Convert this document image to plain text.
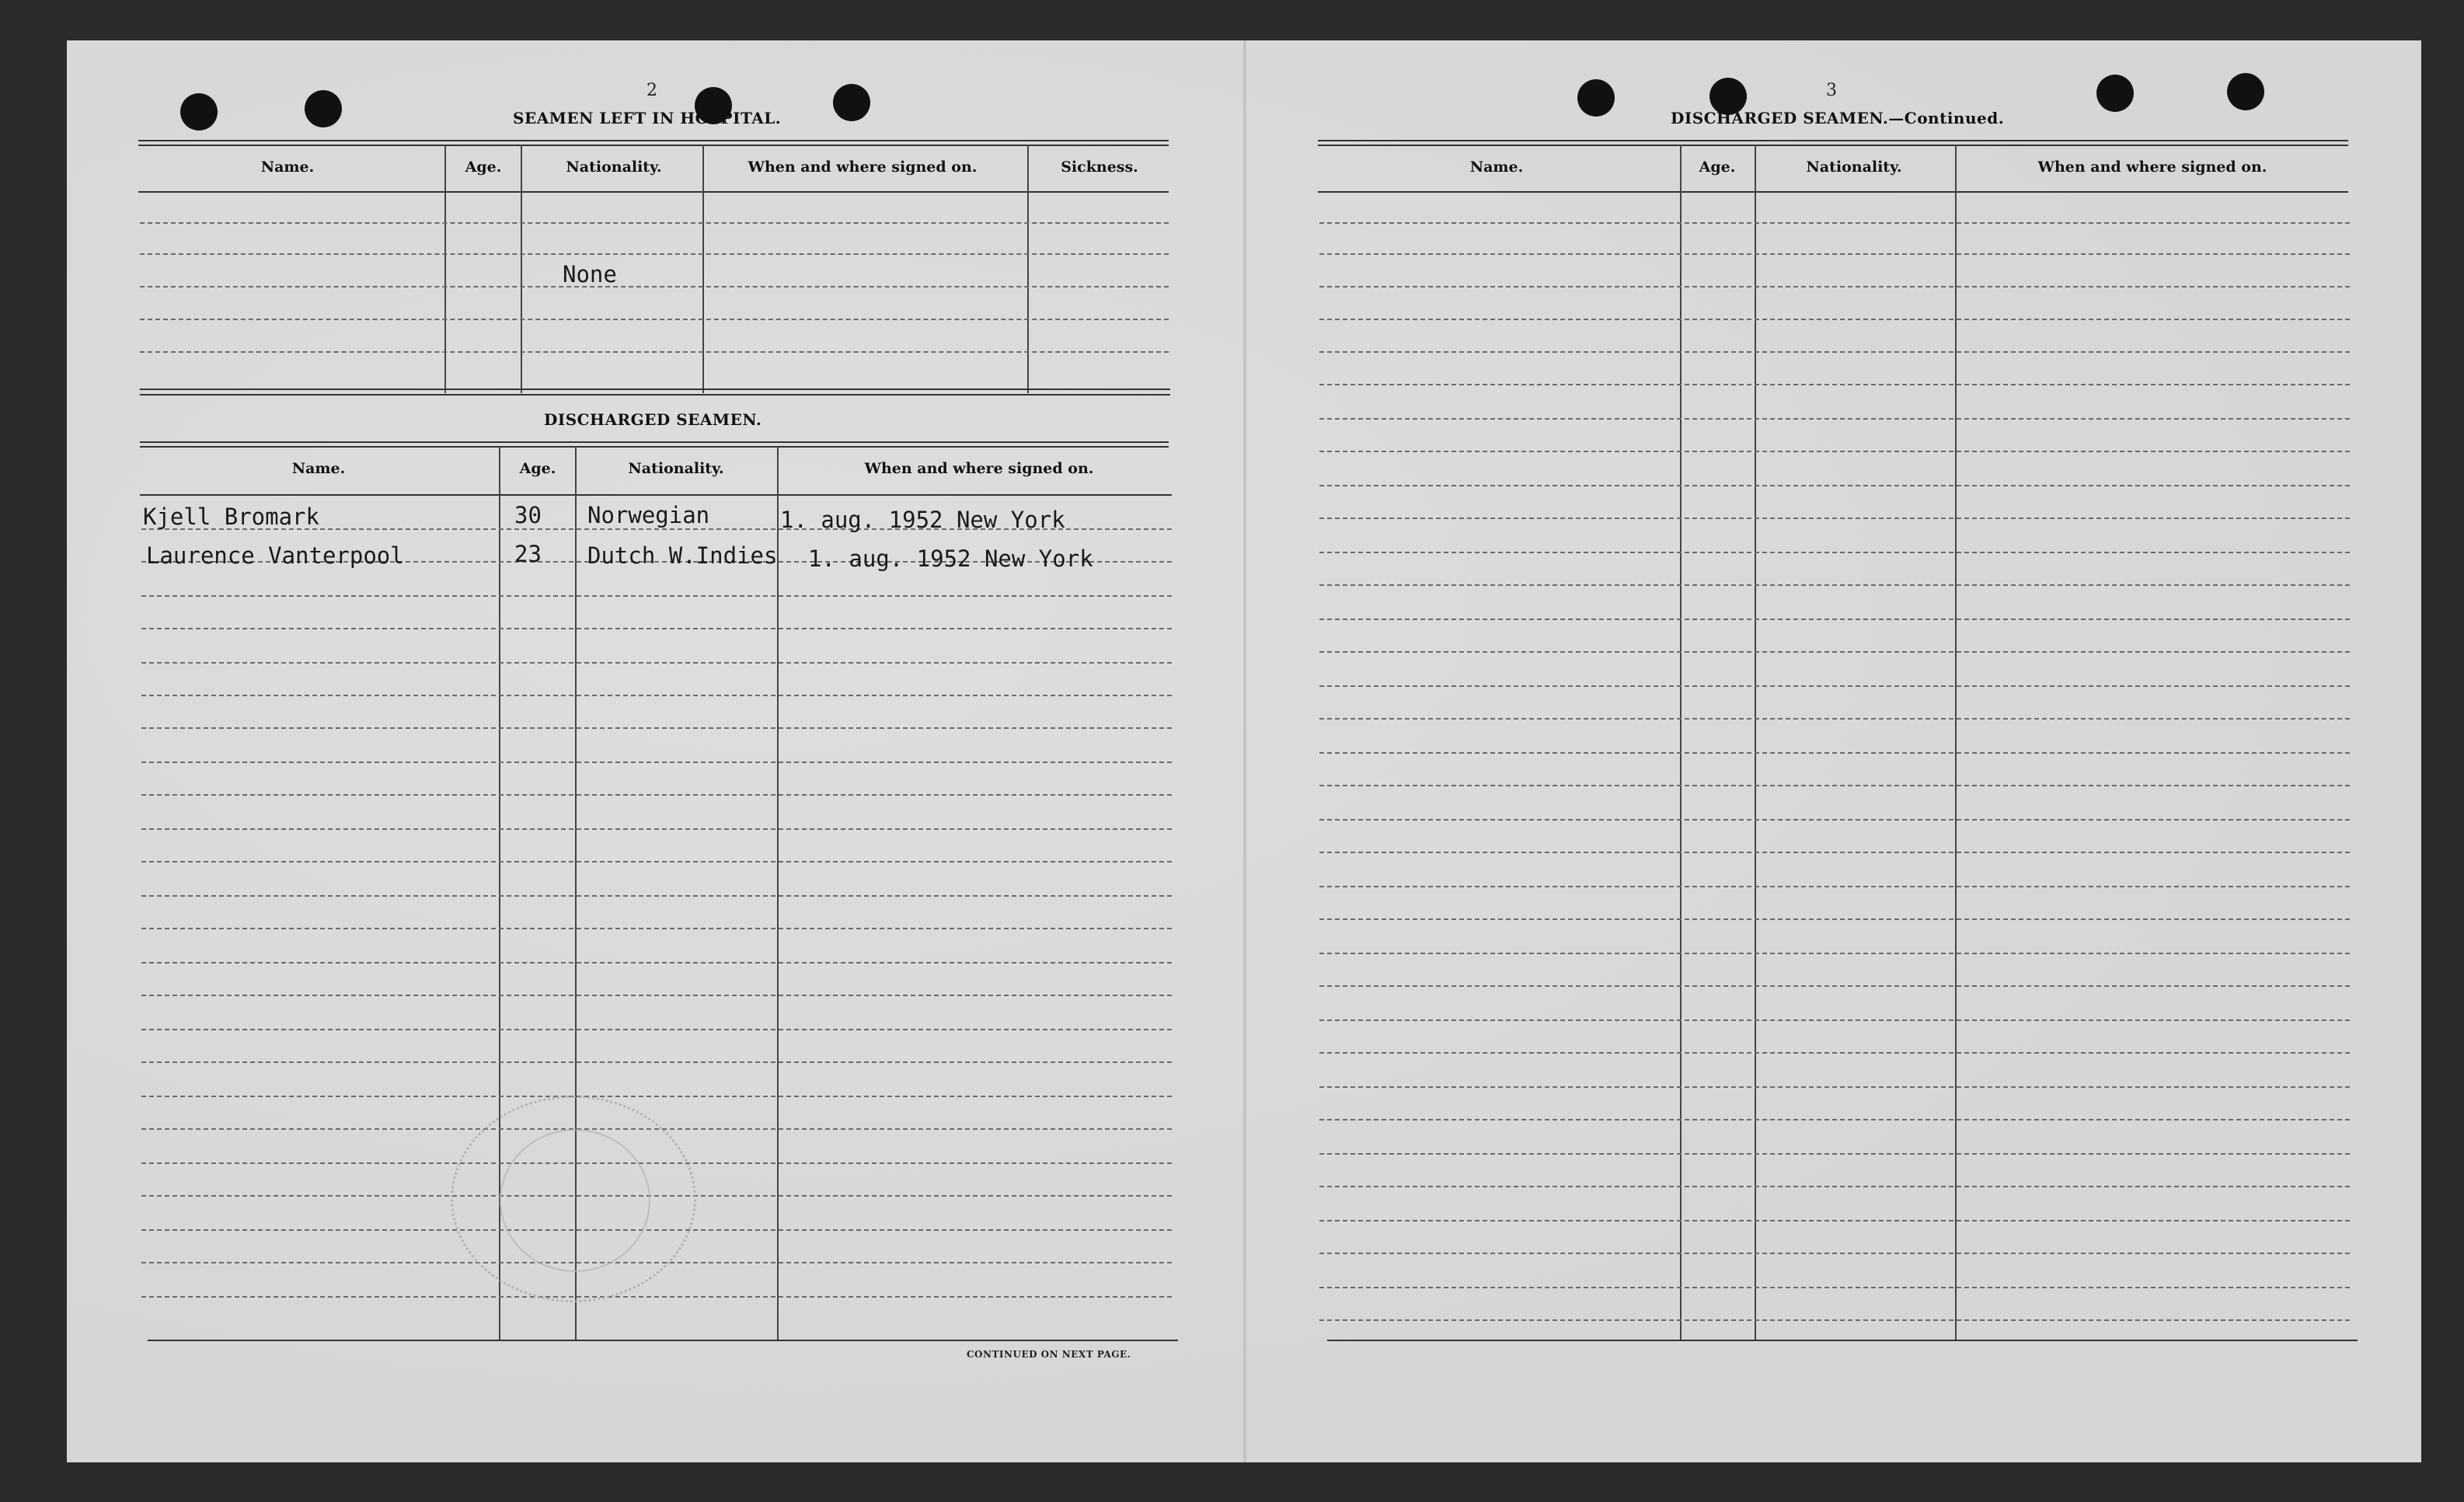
2
SEAMEN LEFT IN HOSPITAL.
Name.	Age.	Nationality.	When and where signed on.	Sickness.
None
DISCHARGED SEAMEN.
Name.	Age.	Nationality.	When and where signed on.
Kjell Bromark	30 Norwegian	1. aug. 1952 New York
Laurence Vanterpool	23 Dutch W.Indies 1. aug. 1952 New York
CONTINUED ON NEXT PAGE.
3
DISCHARGED SEAMEN.—Continued.
Name.	Age.	Nationality.	When and where signed on.
